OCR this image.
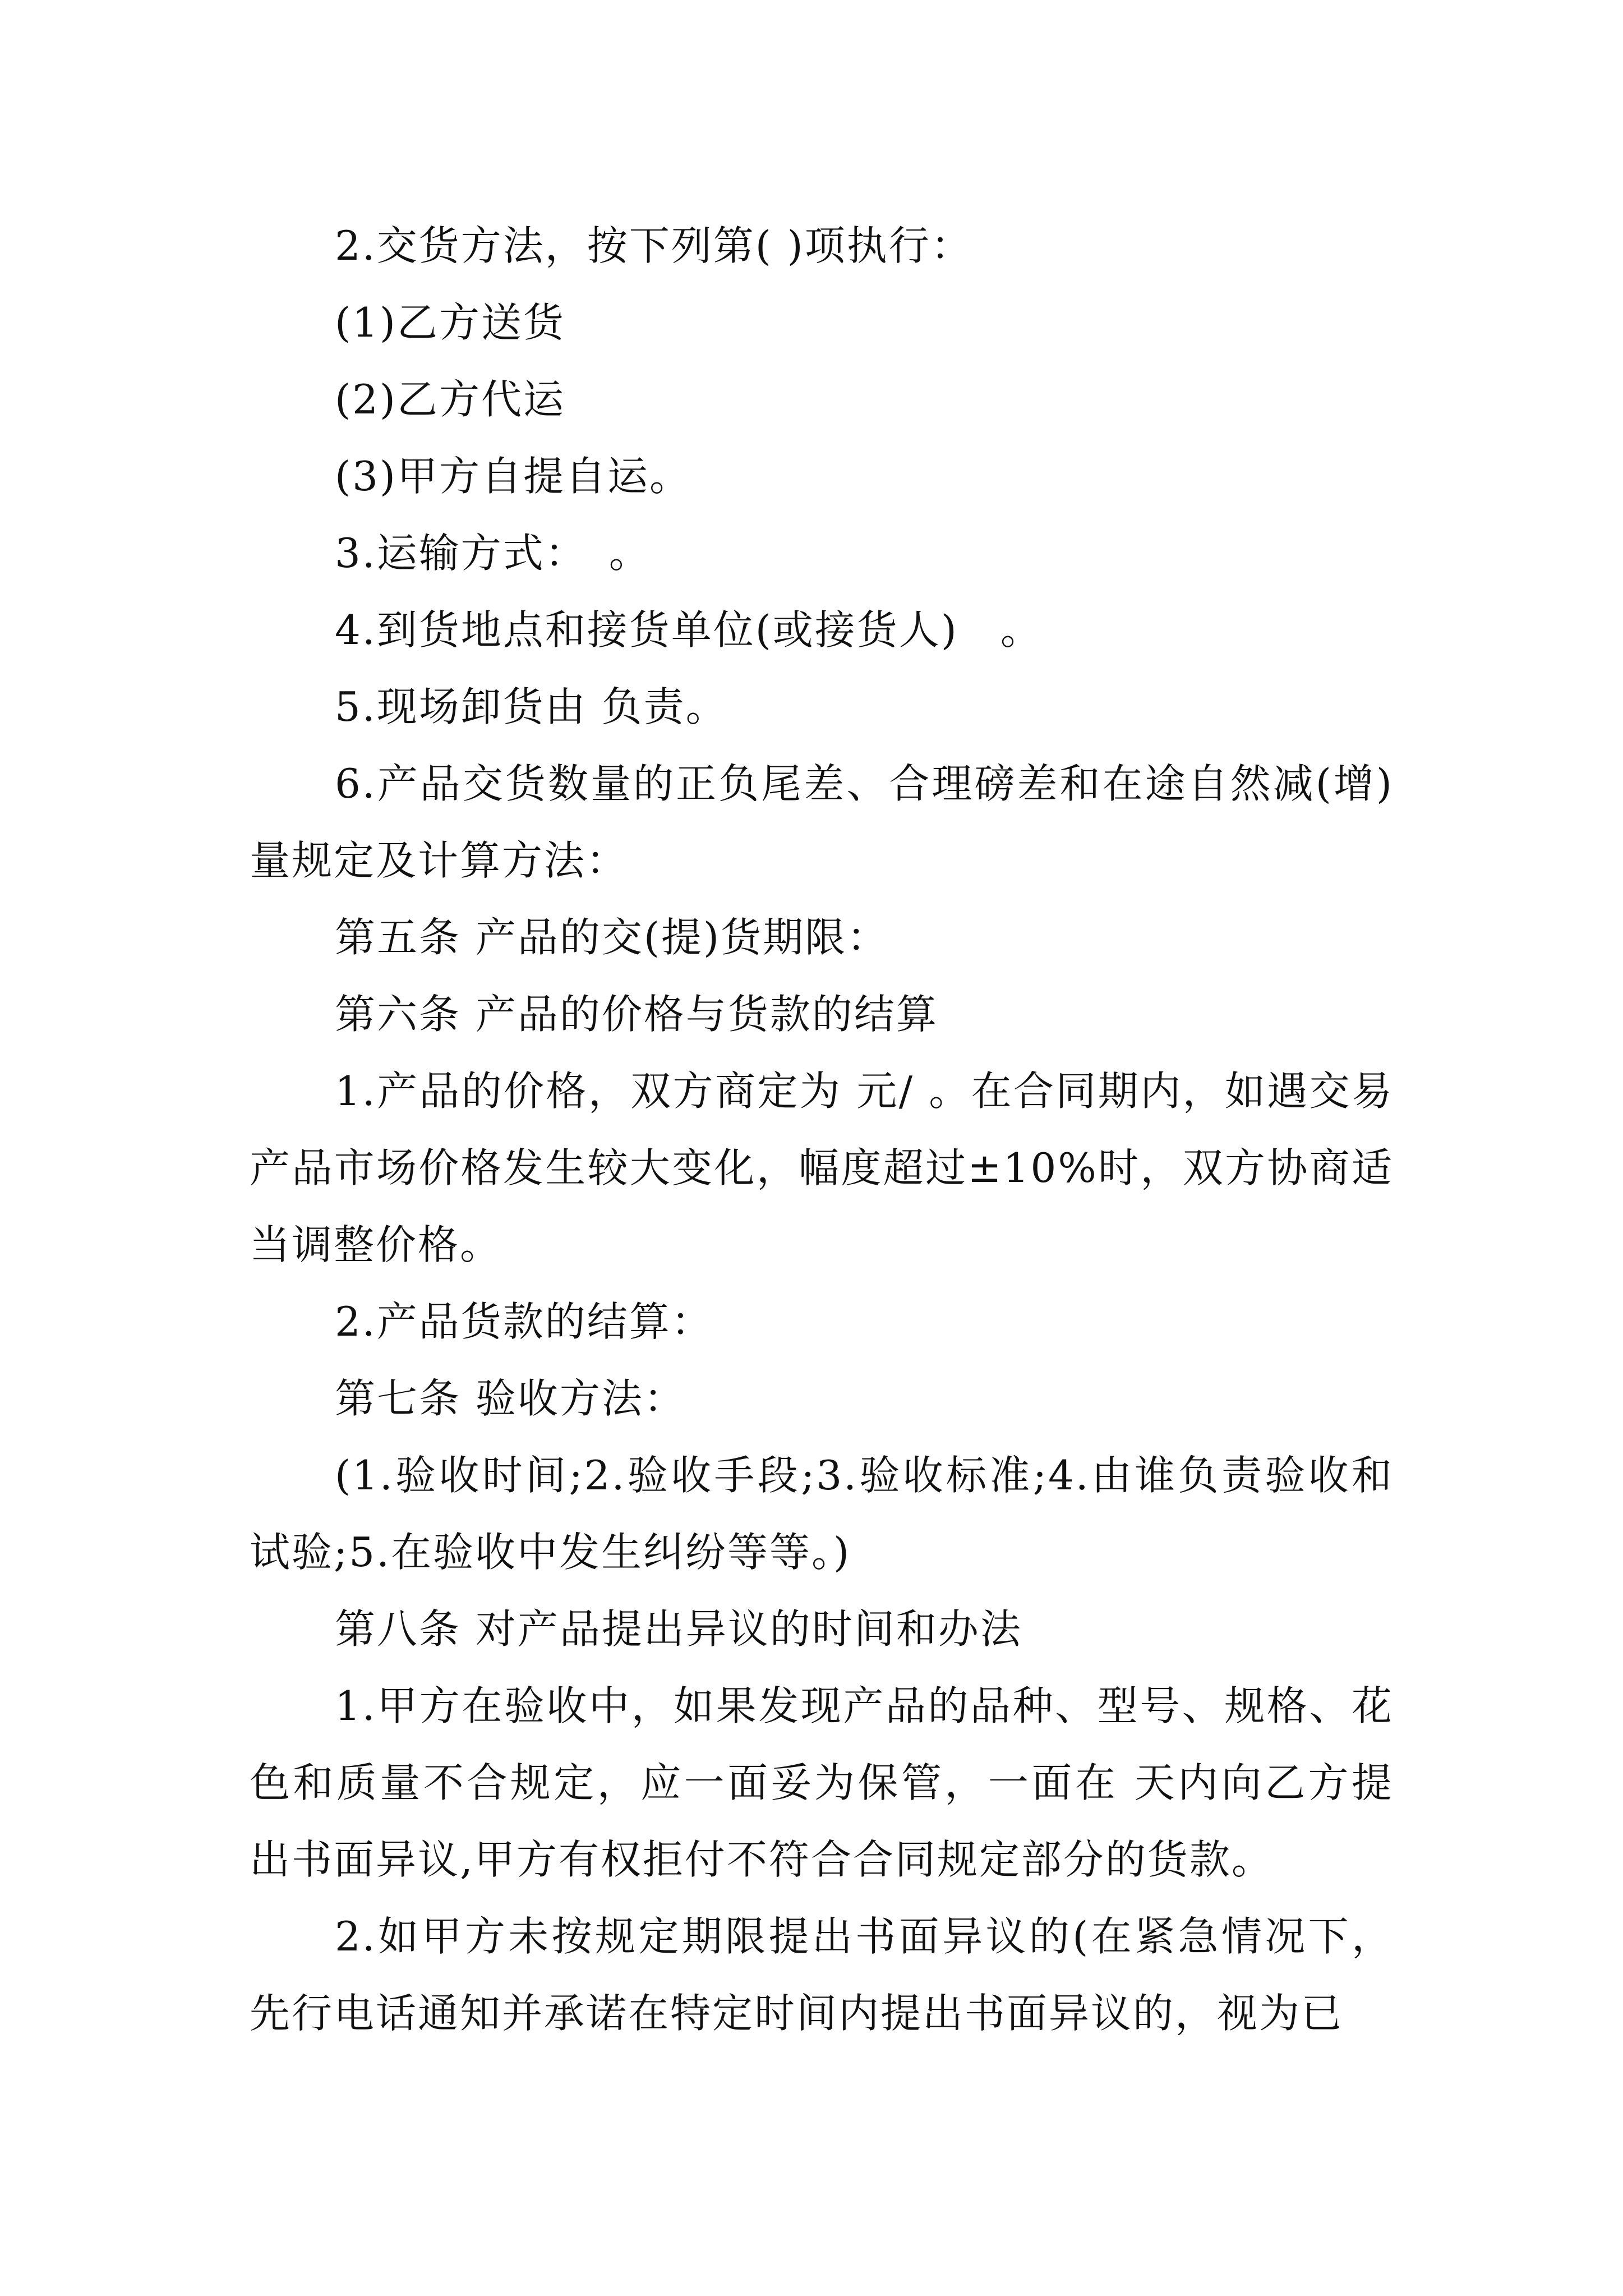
2.交货方法，按下列第( )项执行：

(1)乙方送货

(2)乙方代运

(3)甲方自提自运。

3.运输方式：　。

4.到货地点和接货单位(或接货人)　。

5.现场卸货由 负责。

6.产品交货数量的正负尾差、合理磅差和在途自然减(增)量规定及计算方法：

第五条 产品的交(提)货期限：

第六条 产品的价格与货款的结算

1.产品的价格，双方商定为 元/ 。在合同期内，如遇交易产品市场价格发生较大变化，幅度超过±10%时，双方协商适当调整价格。

2.产品货款的结算：

第七条 验收方法：

(1.验收时间;2.验收手段;3.验收标准;4.由谁负责验收和试验;5.在验收中发生纠纷等等。)

第八条 对产品提出异议的时间和办法

1.甲方在验收中，如果发现产品的品种、型号、规格、花色和质量不合规定，应一面妥为保管，一面在 天内向乙方提出书面异议,甲方有权拒付不符合合同规定部分的货款。

2.如甲方未按规定期限提出书面异议的(在紧急情况下，先行电话通知并承诺在特定时间内提出书面异议的，视为已
